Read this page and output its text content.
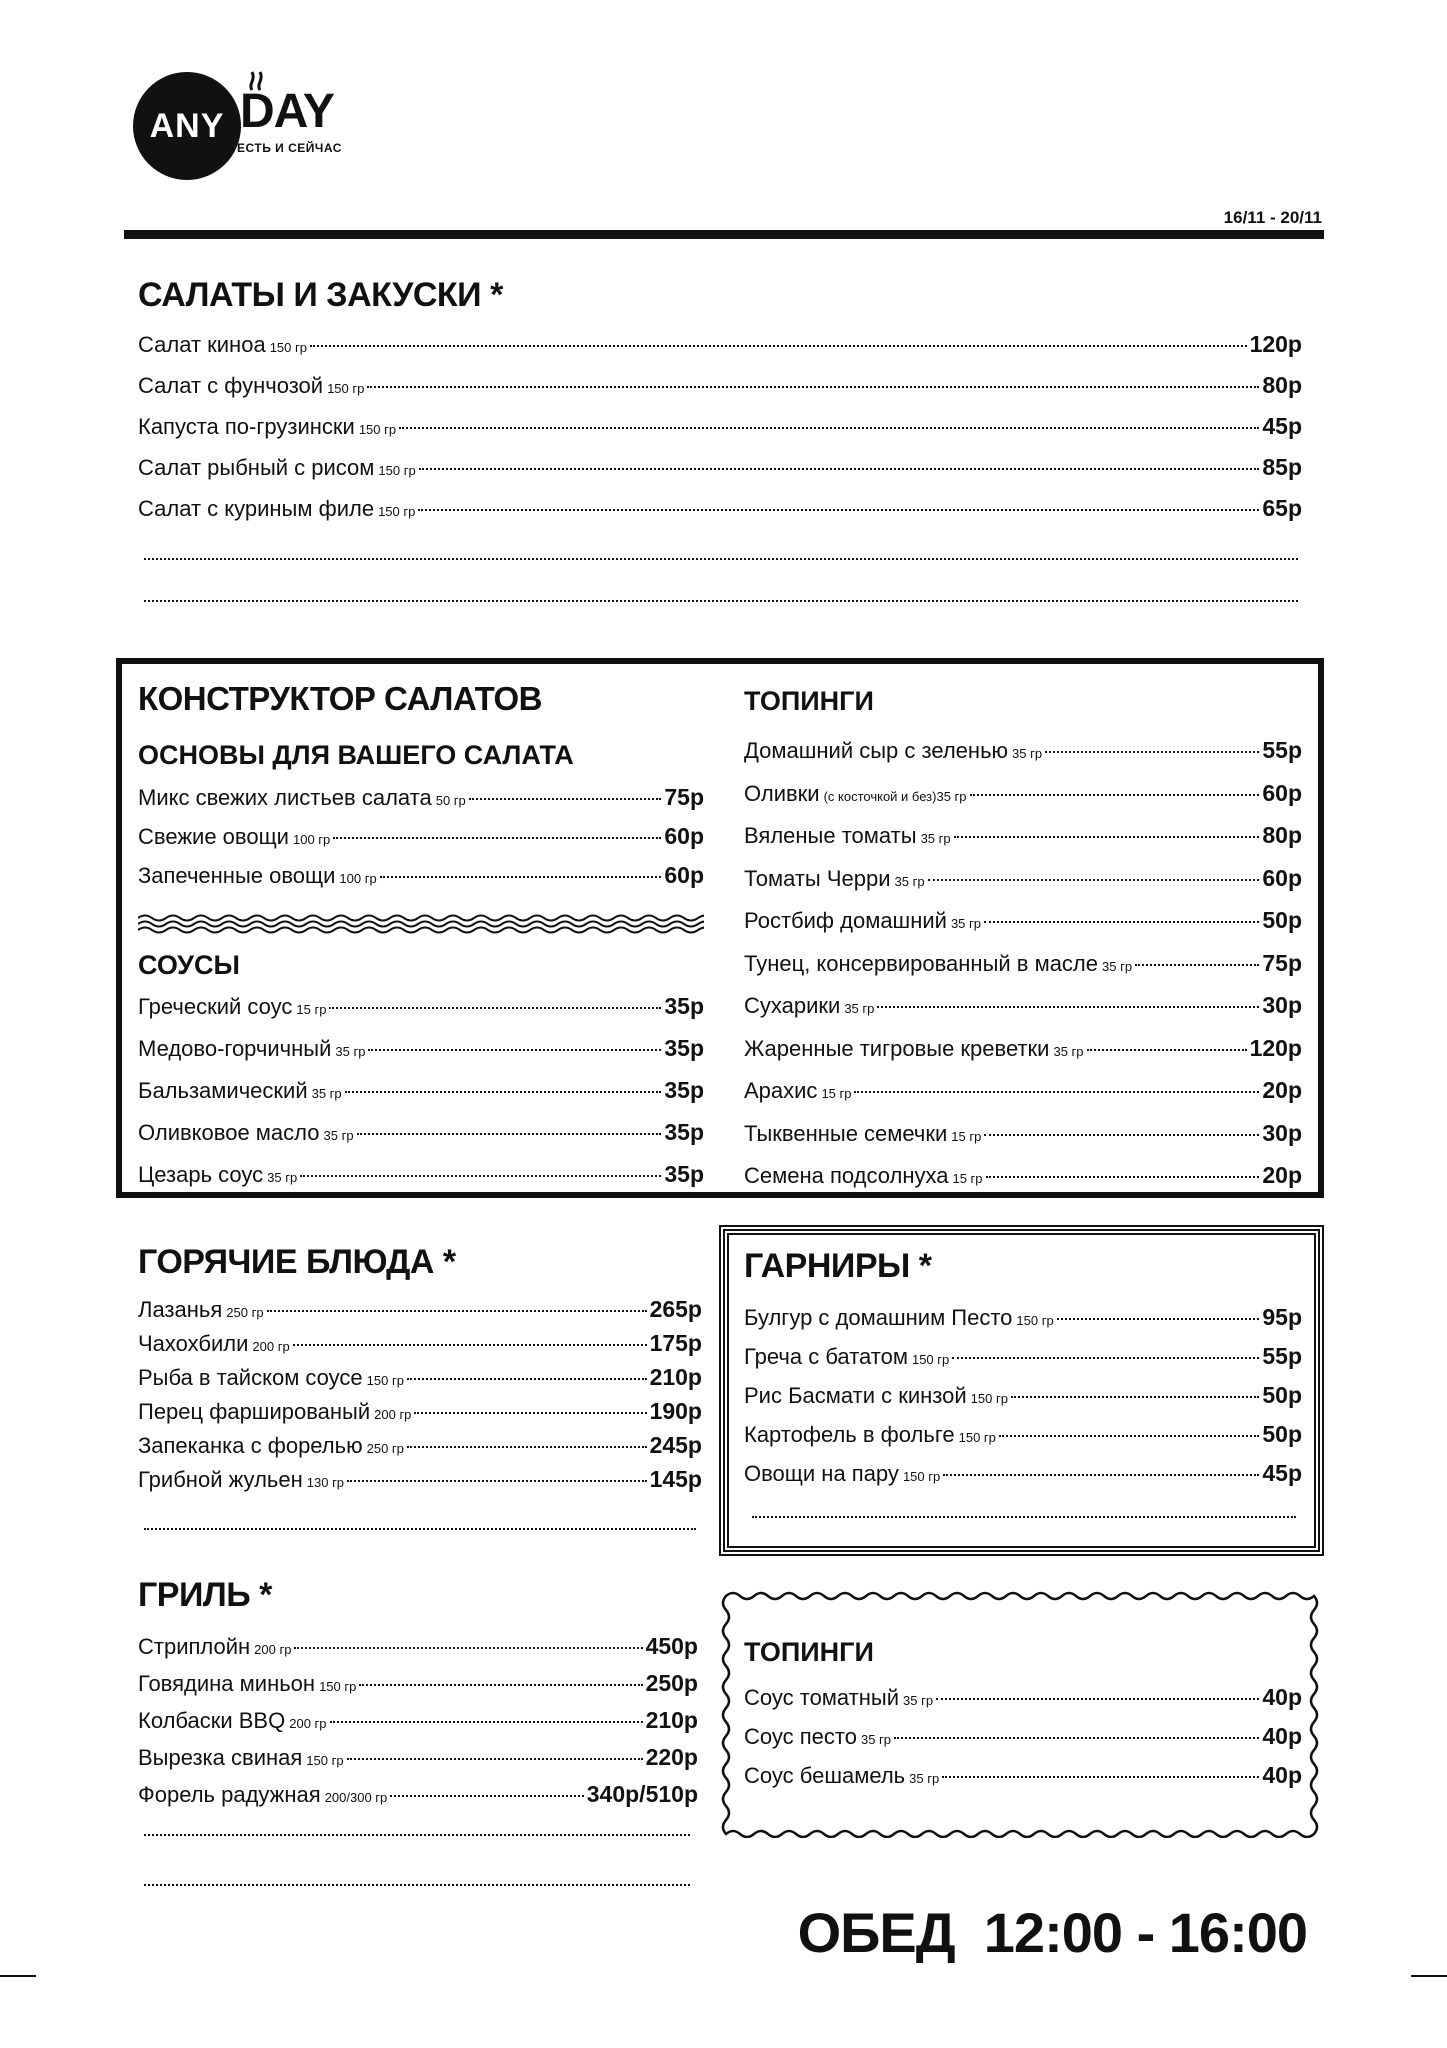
ANY DAY
ЕСТЬ И СЕЙЧАС
16/11 - 20/11
САЛАТЫ И ЗАКУСКИ *
Салат киноа 150 гр	120р
Салат с фунчозой 150 гр	80р
Капуста по-грузински 150 гр	45р
Салат рыбный с рисом 150 гр	85р
Салат с куриным филе 150 гр	65р
КОНСТРУКТОР САЛАТОВ
ОСНОВЫ ДЛЯ ВАШЕГО САЛАТА
Микс свежих листьев салата 50 гр	75р
Свежие овощи 100 гр	60р
Запеченные овощи 100 гр	60р
СОУСЫ
Греческий соус 15 гр	35р
Медово-горчичный 35 гр	35р
Бальзамический 35 гр	35р
Оливковое масло 35 гр	35р
Цезарь соус 35 гр	35р
ТОПИНГИ
Домашний сыр с зеленью 35 гр	55р
Оливки (с косточкой и без)35 гр	60р
Вяленые томаты 35 гр	80р
Томаты Черри 35 гр	60р
Ростбиф домашний 35 гр	50р
Тунец, консервированный в масле 35 гр	75р
Сухарики 35 гр	30р
Жаренные тигровые креветки 35 гр	120р
Арахис 15 гр	20р
Тыквенные семечки 15 гр	30р
Семена подсолнуха 15 гр	20р
ГОРЯЧИЕ БЛЮДА *
Лазанья 250 гр	265р
Чахохбили 200 гр	175р
Рыба в тайском соусе 150 гр	210р
Перец фаршированый 200 гр	190р
Запеканка с форелью 250 гр	245р
Грибной жульен 130 гр	145р
ГРИЛЬ *
Стриплойн 200 гр	450р
Говядина миньон 150 гр	250р
Колбаски BBQ 200 гр	210р
Вырезка свиная 150 гр	220р
Форель радужная 200/300 гр	340р/510р
ГАРНИРЫ *
Булгур с домашним Песто 150 гр	95р
Греча с бататом 150 гр	55р
Рис Басмати с кинзой 150 гр	50р
Картофель в фольге 150 гр	50р
Овощи на пару 150 гр	45р
ТОПИНГИ
Соус томатный 35 гр	40р
Соус песто 35 гр	40р
Соус бешамель 35 гр	40р
ОБЕД  12:00 - 16:00
